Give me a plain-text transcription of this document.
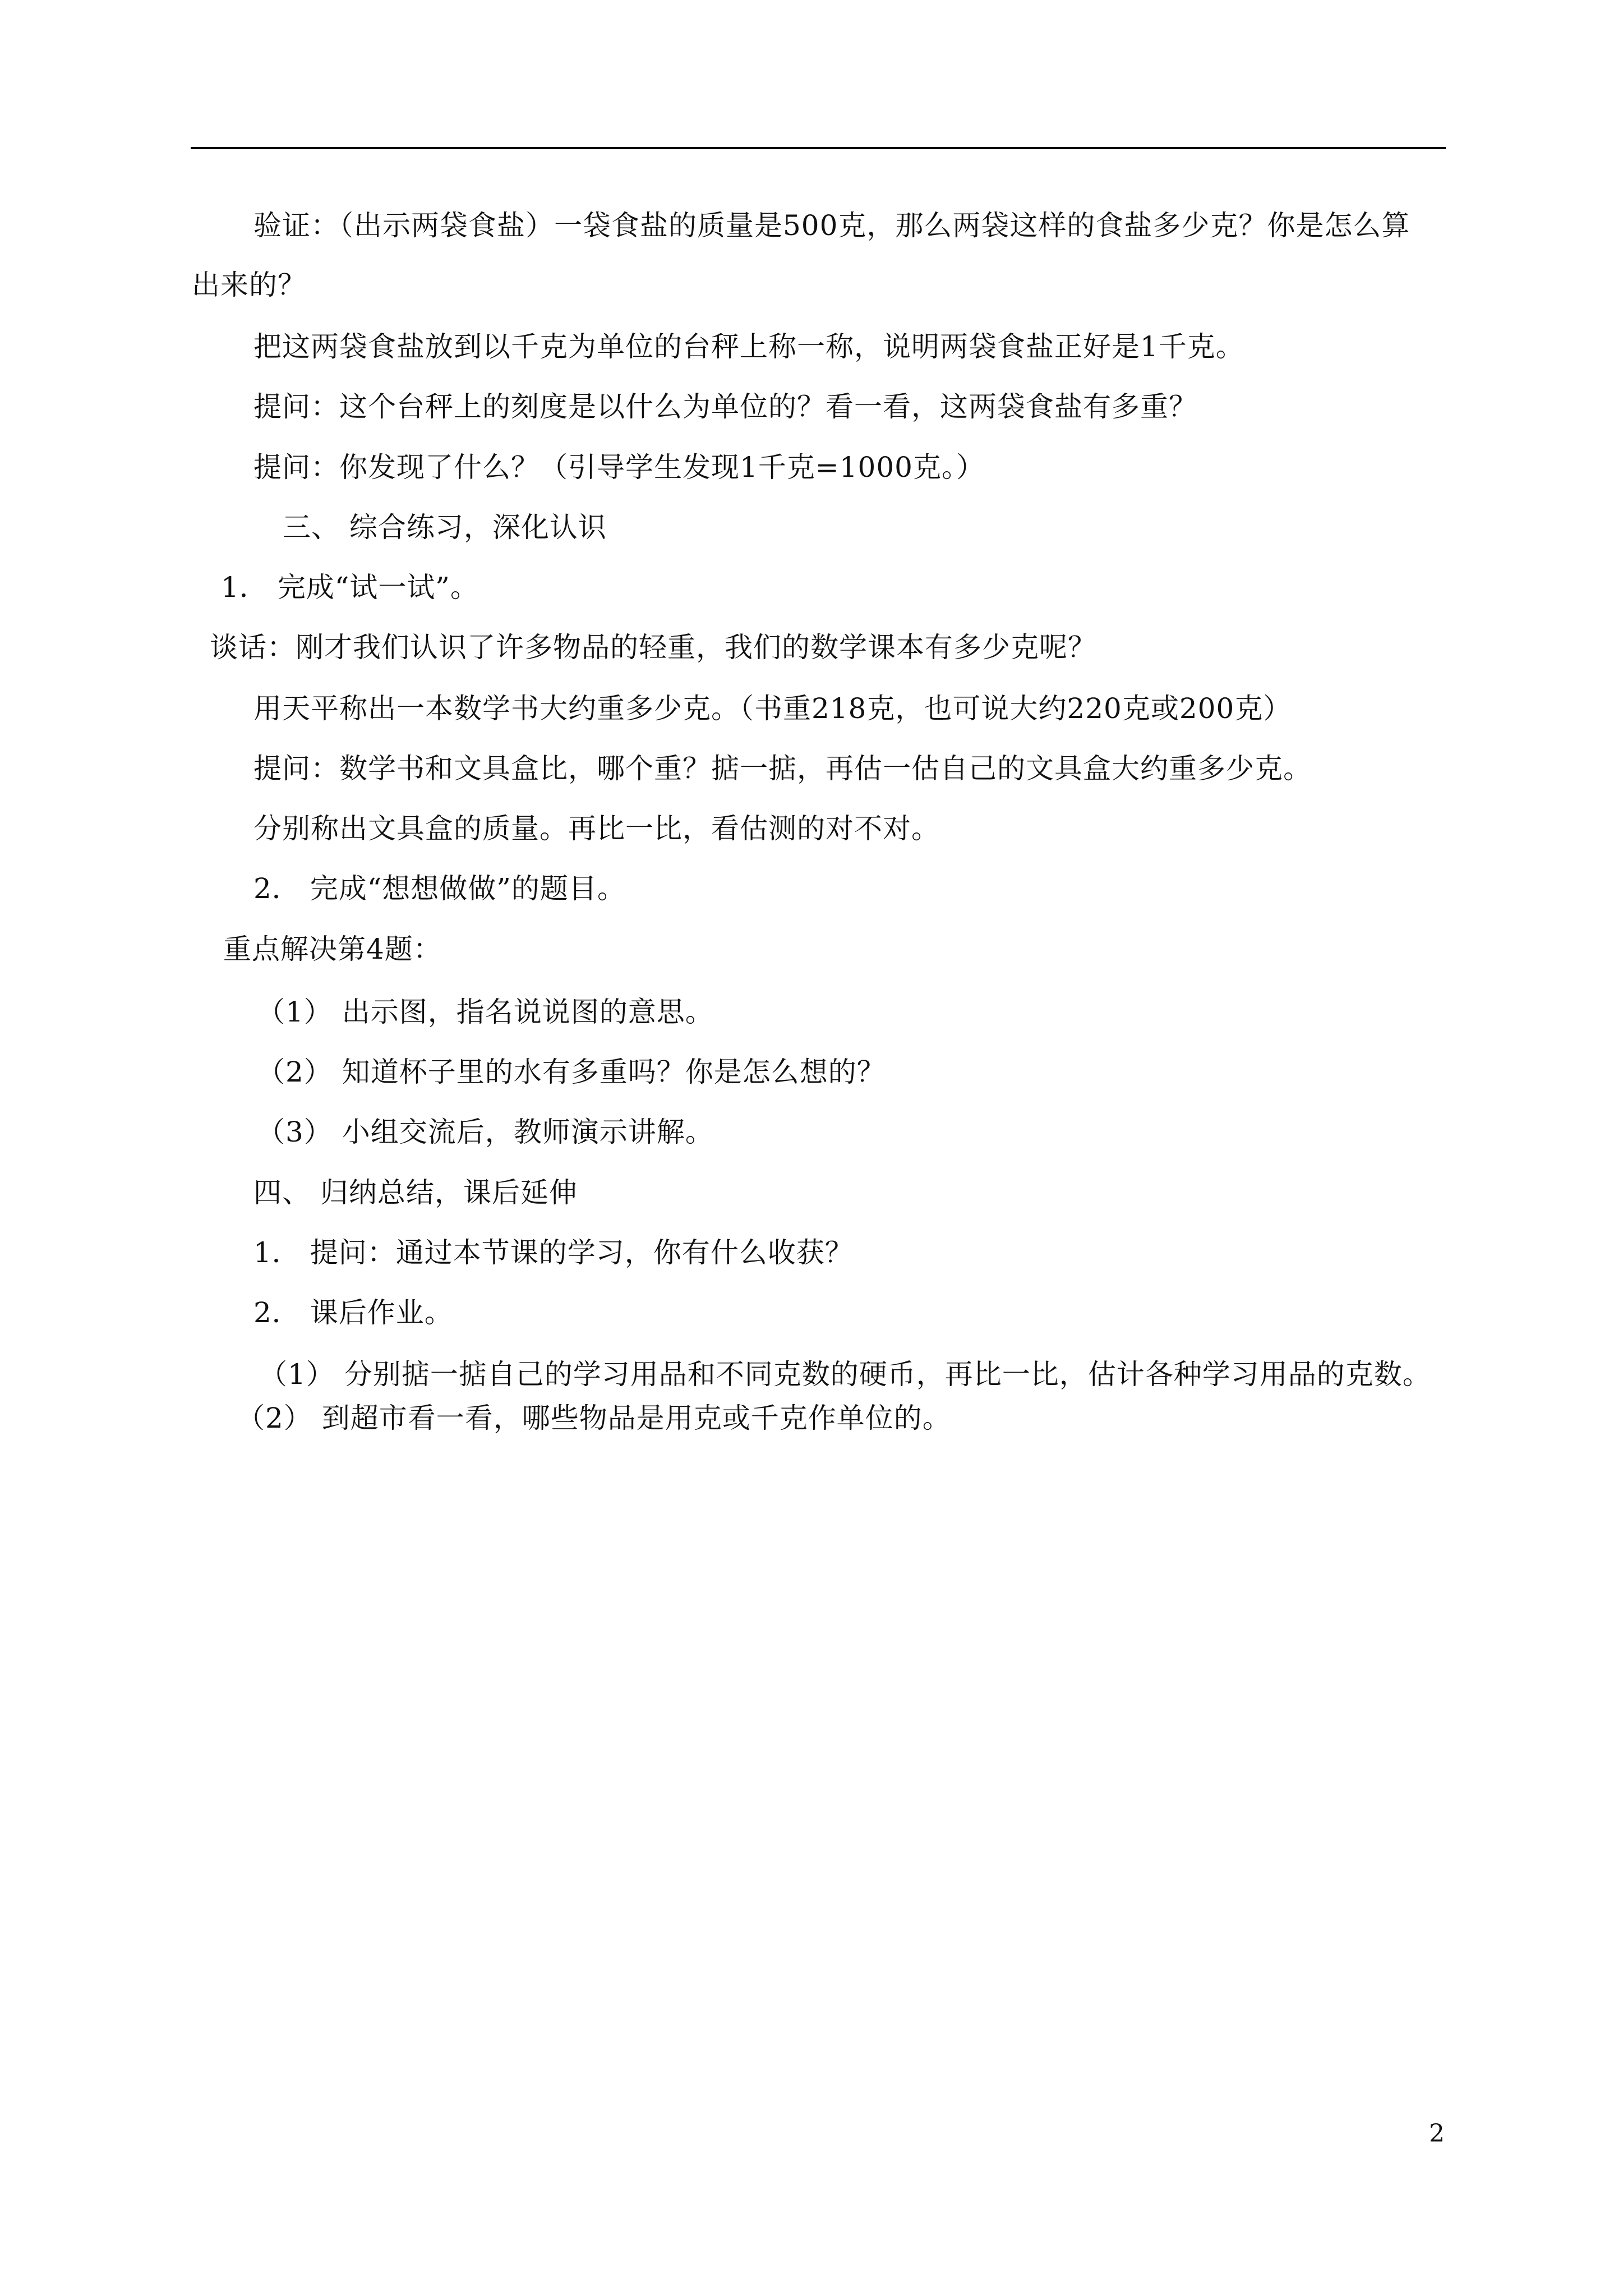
验证：（出示两袋食盐）一袋食盐的质量是500克，那么两袋这样的食盐多少克？你是怎么算
出来的？
把这两袋食盐放到以千克为单位的台秤上称一称，说明两袋食盐正好是1千克。
提问：这个台秤上的刻度是以什么为单位的？看一看，这两袋食盐有多重？
提问：你发现了什么？（引导学生发现1千克=1000克。）
三、 综合练习，深化认识
1． 完成“试一试”。
谈话：刚才我们认识了许多物品的轻重，我们的数学课本有多少克呢？
用天平称出一本数学书大约重多少克。（书重218克，也可说大约220克或200克）
提问：数学书和文具盒比，哪个重？掂一掂，再估一估自己的文具盒大约重多少克。
分别称出文具盒的质量。再比一比，看估测的对不对。
2． 完成“想想做做”的题目。
重点解决第4题：
（1） 出示图，指名说说图的意思。
（2） 知道杯子里的水有多重吗？你是怎么想的？
（3） 小组交流后，教师演示讲解。
四、 归纳总结，课后延伸
1． 提问：通过本节课的学习，你有什么收获？
2． 课后作业。
（1） 分别掂一掂自己的学习用品和不同克数的硬币，再比一比，估计各种学习用品的克数。
（2） 到超市看一看，哪些物品是用克或千克作单位的。
2
